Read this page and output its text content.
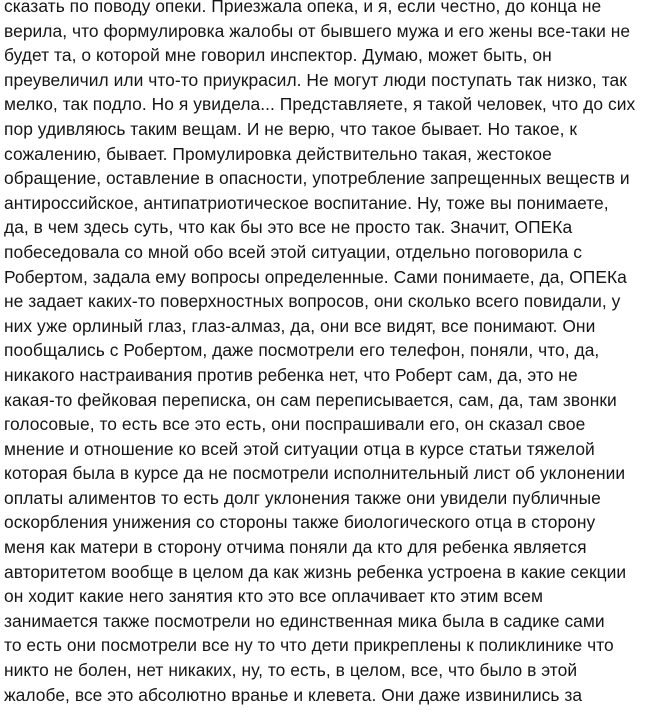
сказать по поводу опеки. Приезжала опека, и я, если честно, до конца не
верила, что формулировка жалобы от бывшего мужа и его жены все-таки не
будет та, о которой мне говорил инспектор. Думаю, может быть, он
преувеличил или что-то приукрасил. Не могут люди поступать так низко, так
мелко, так подло. Но я увидела... Представляете, я такой человек, что до сих
пор удивляюсь таким вещам. И не верю, что такое бывает. Но такое, к
сожалению, бывает. Промулировка действительно такая, жестокое
обращение, оставление в опасности, употребление запрещенных веществ и
антироссийское, антипатриотическое воспитание. Ну, тоже вы понимаете,
да, в чем здесь суть, что как бы это все не просто так. Значит, ОПЕКа
побеседовала со мной обо всей этой ситуации, отдельно поговорила с
Робертом, задала ему вопросы определенные. Сами понимаете, да, ОПЕКа
не задает каких-то поверхностных вопросов, они сколько всего повидали, у
них уже орлиный глаз, глаз-алмаз, да, они все видят, все понимают. Они
пообщались с Робертом, даже посмотрели его телефон, поняли, что, да,
никакого настраивания против ребенка нет, что Роберт сам, да, это не
какая-то фейковая переписка, он сам переписывается, сам, да, там звонки
голосовые, то есть все это есть, они поспрашивали его, он сказал свое
мнение и отношение ко всей этой ситуации отца в курсе статьи тяжелой
которая была в курсе да не посмотрели исполнительный лист об уклонении
оплаты алиментов то есть долг уклонения также они увидели публичные
оскорбления унижения со стороны также биологического отца в сторону
меня как матери в сторону отчима поняли да кто для ребенка является
авторитетом вообще в целом да как жизнь ребенка устроена в какие секции
он ходит какие него занятия кто это все оплачивает кто этим всем
занимается также посмотрели но единственная мика была в садике сами
то есть они посмотрели все ну то что дети прикреплены к поликлинике что
никто не болен, нет никаких, ну, то есть, в целом, все, что было в этой
жалобе, все это абсолютно вранье и клевета. Они даже извинились за
